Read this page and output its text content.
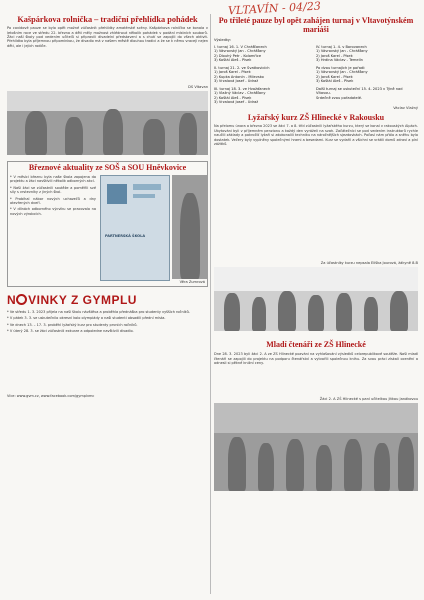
VLTAVÍN - 04/23
Kašpárkova rolnička – tradiční přehlídka pohádek
Po covidové pauze se bylo opět možné zúčastnit přehlídky amatérské scény. Kašpárkova rolnička se konala v letošním roce ve středu 22. března a děti měly možnost zhlédnout několik pohádek v podání místních souborů. Žáci naší školy pod vedením učitelů si připravili divadelní představení a s chutí se zapojili do všech aktivit. Přehlídka byla příjemnou připomínkou, že divadlo má v našem městě dlouhou tradici a že se k němu vracejí nejen děti, ale i jejich rodiče.
DS Vltavan
Březnové aktuality ze SOŠ a SOU Hněvkovice

* V měsíci březnu byla naše škola zapojena do projektu a žáci navštívili několik odborných akcí.

* Naši žáci se zúčastnili soutěže a poměřili své síly s vrstevníky z jiných škol.

* Probíhal nábor nových uchazečů a dny otevřených dveří.

* V dílnách odborného výcviku se pracovalo na nových výrobcích.

PARTNERSKÁ ŠKOLA
Věra Zumrová
N VINKY Z GYMPLU

* Ve středu 1. 3. 2023 přijela na naši školu návštěva a proběhla přednáška pro studenty vyšších ročníků.

* V pátek 3. 3. se uskutečnilo okresní kolo olympiády a naši studenti obsadili přední místa.

* Ve dnech 13. – 17. 3. proběhl lyžařský kurz pro studenty prvních ročníků.

* V úterý 28. 3. se žáci zúčastnili exkurze a odpoledne navštívili divadlo.

Více: www.gvm.cz, www.facebook.com/gymplvmc
Po třileté pauze byl opět zahájen turnaj v Vltavotýnském mariáši

Výsledky:

I. turnaj 16. 1. V Chrášťanech

1) Vávrovský Jan - Chrášťany

2) Dlouhý Petr - Kolomřice

3) Koštál Aleš - Písek

IV. turnaj 1. 4. v Borovanech

1) Vávrovský Jan - Chrášťany

2) Jaroš Karel - Písek

3) Hrdina Václav - Temelín

II. turnaj 21. 2. ve Svatkovicích

1) Jaroš Karel - Písek

2) Kupka Antonín - Milevsko

3) Vrzalová Josef - Údraž

Po dvou turnajích je pořadí:

1) Vávrovský Jan - Chrášťany

2) Jaroš Karel - Písek

3) Koštál Aleš - Písek

III. turnaj 18. 3. ve Hvožďanech

1) Vlažný Václav - Chrášťany

2) Koštál Aleš - Písek

3) Vrzalová Josef - Údraž

Další turnaj se uskuteční 15. 4. 2023 v Týně nad Vltavou.

Srdečně zvou pořadatelé.

Václav Vlažný
Lyžařský kurz ZŠ Hlinecké v Rakousku
Na přelomu února a března 2023 se žáci 7. a 8. tříd zúčastnili lyžařského kurzu, který se konal v rakouských Alpách. Ubytováni byli v příjemném penzionu a každý den vyráželi na svah. Začátečníci se pod vedením instruktorů rychle naučili základy a pokročilí lyžaři si zdokonalili techniku na náročnějších sjezdovkách. Počasí nám přálo a sněhu bylo dostatek. Večery byly vyplněny společnými hrami a besedami. Kurz se vydařil a všichni se vrátili domů zdraví a plní zážitků.
Za účastníky kurzu nepsala Eliška Jourová, žákyně 8.B
Mladí čtenáři ze ZŠ Hlinecké
Dne 28. 3. 2023 byli žáci 2. A ze ZŠ Hlinecké pozváni na vyhlašování výsledků celorepublikové soutěže. Naši mladí čtenáři se zapojili do projektu na podporu čtenářství a vytvořili společnou knihu. Za svou práci získali ocenění a odnesli si pěkné knižní ceny.
Žáci 2. A ZŠ Hlinecké s paní učitelkou Jitkou Janákovou
